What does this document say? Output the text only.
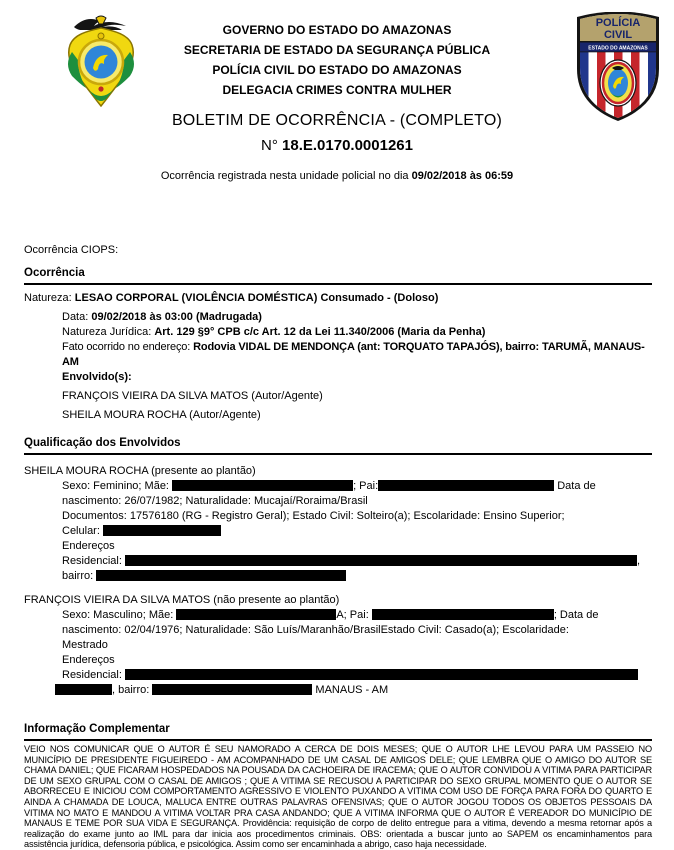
POLÍCIA
CIVIL
ESTADO DO AMAZONAS
GOVERNO DO ESTADO DO AMAZONAS
SECRETARIA DE ESTADO DA SEGURANÇA PÚBLICA
POLÍCIA CIVIL DO ESTADO DO AMAZONAS
DELEGACIA CRIMES CONTRA MULHER
BOLETIM DE OCORRÊNCIA - (COMPLETO)
N° 18.E.0170.0001261
Ocorrência registrada nesta unidade policial no dia 09/02/2018 às 06:59
Ocorrência CIOPS:
Ocorrência
Natureza: LESAO CORPORAL (VIOLÊNCIA DOMÉSTICA) Consumado - (Doloso)
Data: 09/02/2018 às 03:00 (Madrugada)
Natureza Jurídica: Art. 129 §9° CPB c/c Art. 12 da Lei 11.340/2006 (Maria da Penha)
Fato ocorrido no endereço: Rodovia VIDAL DE MENDONÇA (ant: TORQUATO TAPAJÓS), bairro: TARUMÃ, MANAUS-AM
Envolvido(s):
FRANÇOIS VIEIRA DA SILVA MATOS (Autor/Agente)
SHEILA MOURA ROCHA (Autor/Agente)
Qualificação dos Envolvidos
SHEILA MOURA ROCHA (presente ao plantão)
Sexo: Feminino; Mãe:	; Pai:	Data de
nascimento: 26/07/1982; Naturalidade: Mucajaí/Roraima/Brasil
Documentos: 17576180 (RG - Registro Geral); Estado Civil: Solteiro(a); Escolaridade: Ensino Superior;
Celular:
Endereços
Residencial:	,
bairro:
FRANÇOIS VIEIRA DA SILVA MATOS (não presente ao plantão)
Sexo: Masculino; Mãe:	A; Pai:	; Data de
nascimento: 02/04/1976; Naturalidade: São Luís/Maranhão/BrasilEstado Civil: Casado(a); Escolaridade:
Mestrado
Endereços
Residencial:
, bairro:	MANAUS - AM
Informação Complementar
VEIO NOS COMUNICAR QUE O AUTOR É SEU NAMORADO A CERCA DE DOIS MESES; QUE O AUTOR LHE LEVOU PARA UM PASSEIO NO MUNICÍPIO DE PRESIDENTE FIGUEIREDO - AM ACOMPANHADO DE UM CASAL DE AMIGOS DELE; QUE LEMBRA QUE O AMIGO DO AUTOR SE CHAMA DANIEL; QUE FICARAM HOSPEDADOS NA POUSADA DA CACHOEIRA DE IRACEMA; QUE O AUTOR CONVIDOU A VITIMA PARA PARTICIPAR DE UM SEXO GRUPAL COM O CASAL DE AMIGOS ; QUE A VITIMA SE RECUSOU A PARTICIPAR DO SEXO GRUPAL MOMENTO QUE O AUTOR SE ABORRECEU E INICIOU COM COMPORTAMENTO AGRESSIVO E VIOLENTO PUXANDO A VITIMA COM USO DE FORÇA PARA FORA DO QUARTO E AINDA A CHAMADA DE LOUCA, MALUCA ENTRE OUTRAS PALAVRAS OFENSIVAS; QUE O AUTOR JOGOU TODOS OS OBJETOS PESSOAIS DA VITIMA NO MATO E MANDOU A VITIMA VOLTAR PRA CASA ANDANDO; QUE A VITIMA INFORMA QUE O AUTOR É VEREADOR DO MUNICÍPIO DE MANAUS E TEME POR SUA VIDA E SEGURANÇA. Providência: requisição de corpo de delito entregue para a vitima, devendo a mesma retornar após a realização do exame junto ao IML para dar inicia aos procedimentos criminais. OBS: orientada a buscar junto ao SAPEM os encaminhamentos para assistência jurídica, defensoria pública, e psicológica. Assim como ser encaminhada a abrigo, caso haja necessidade.
